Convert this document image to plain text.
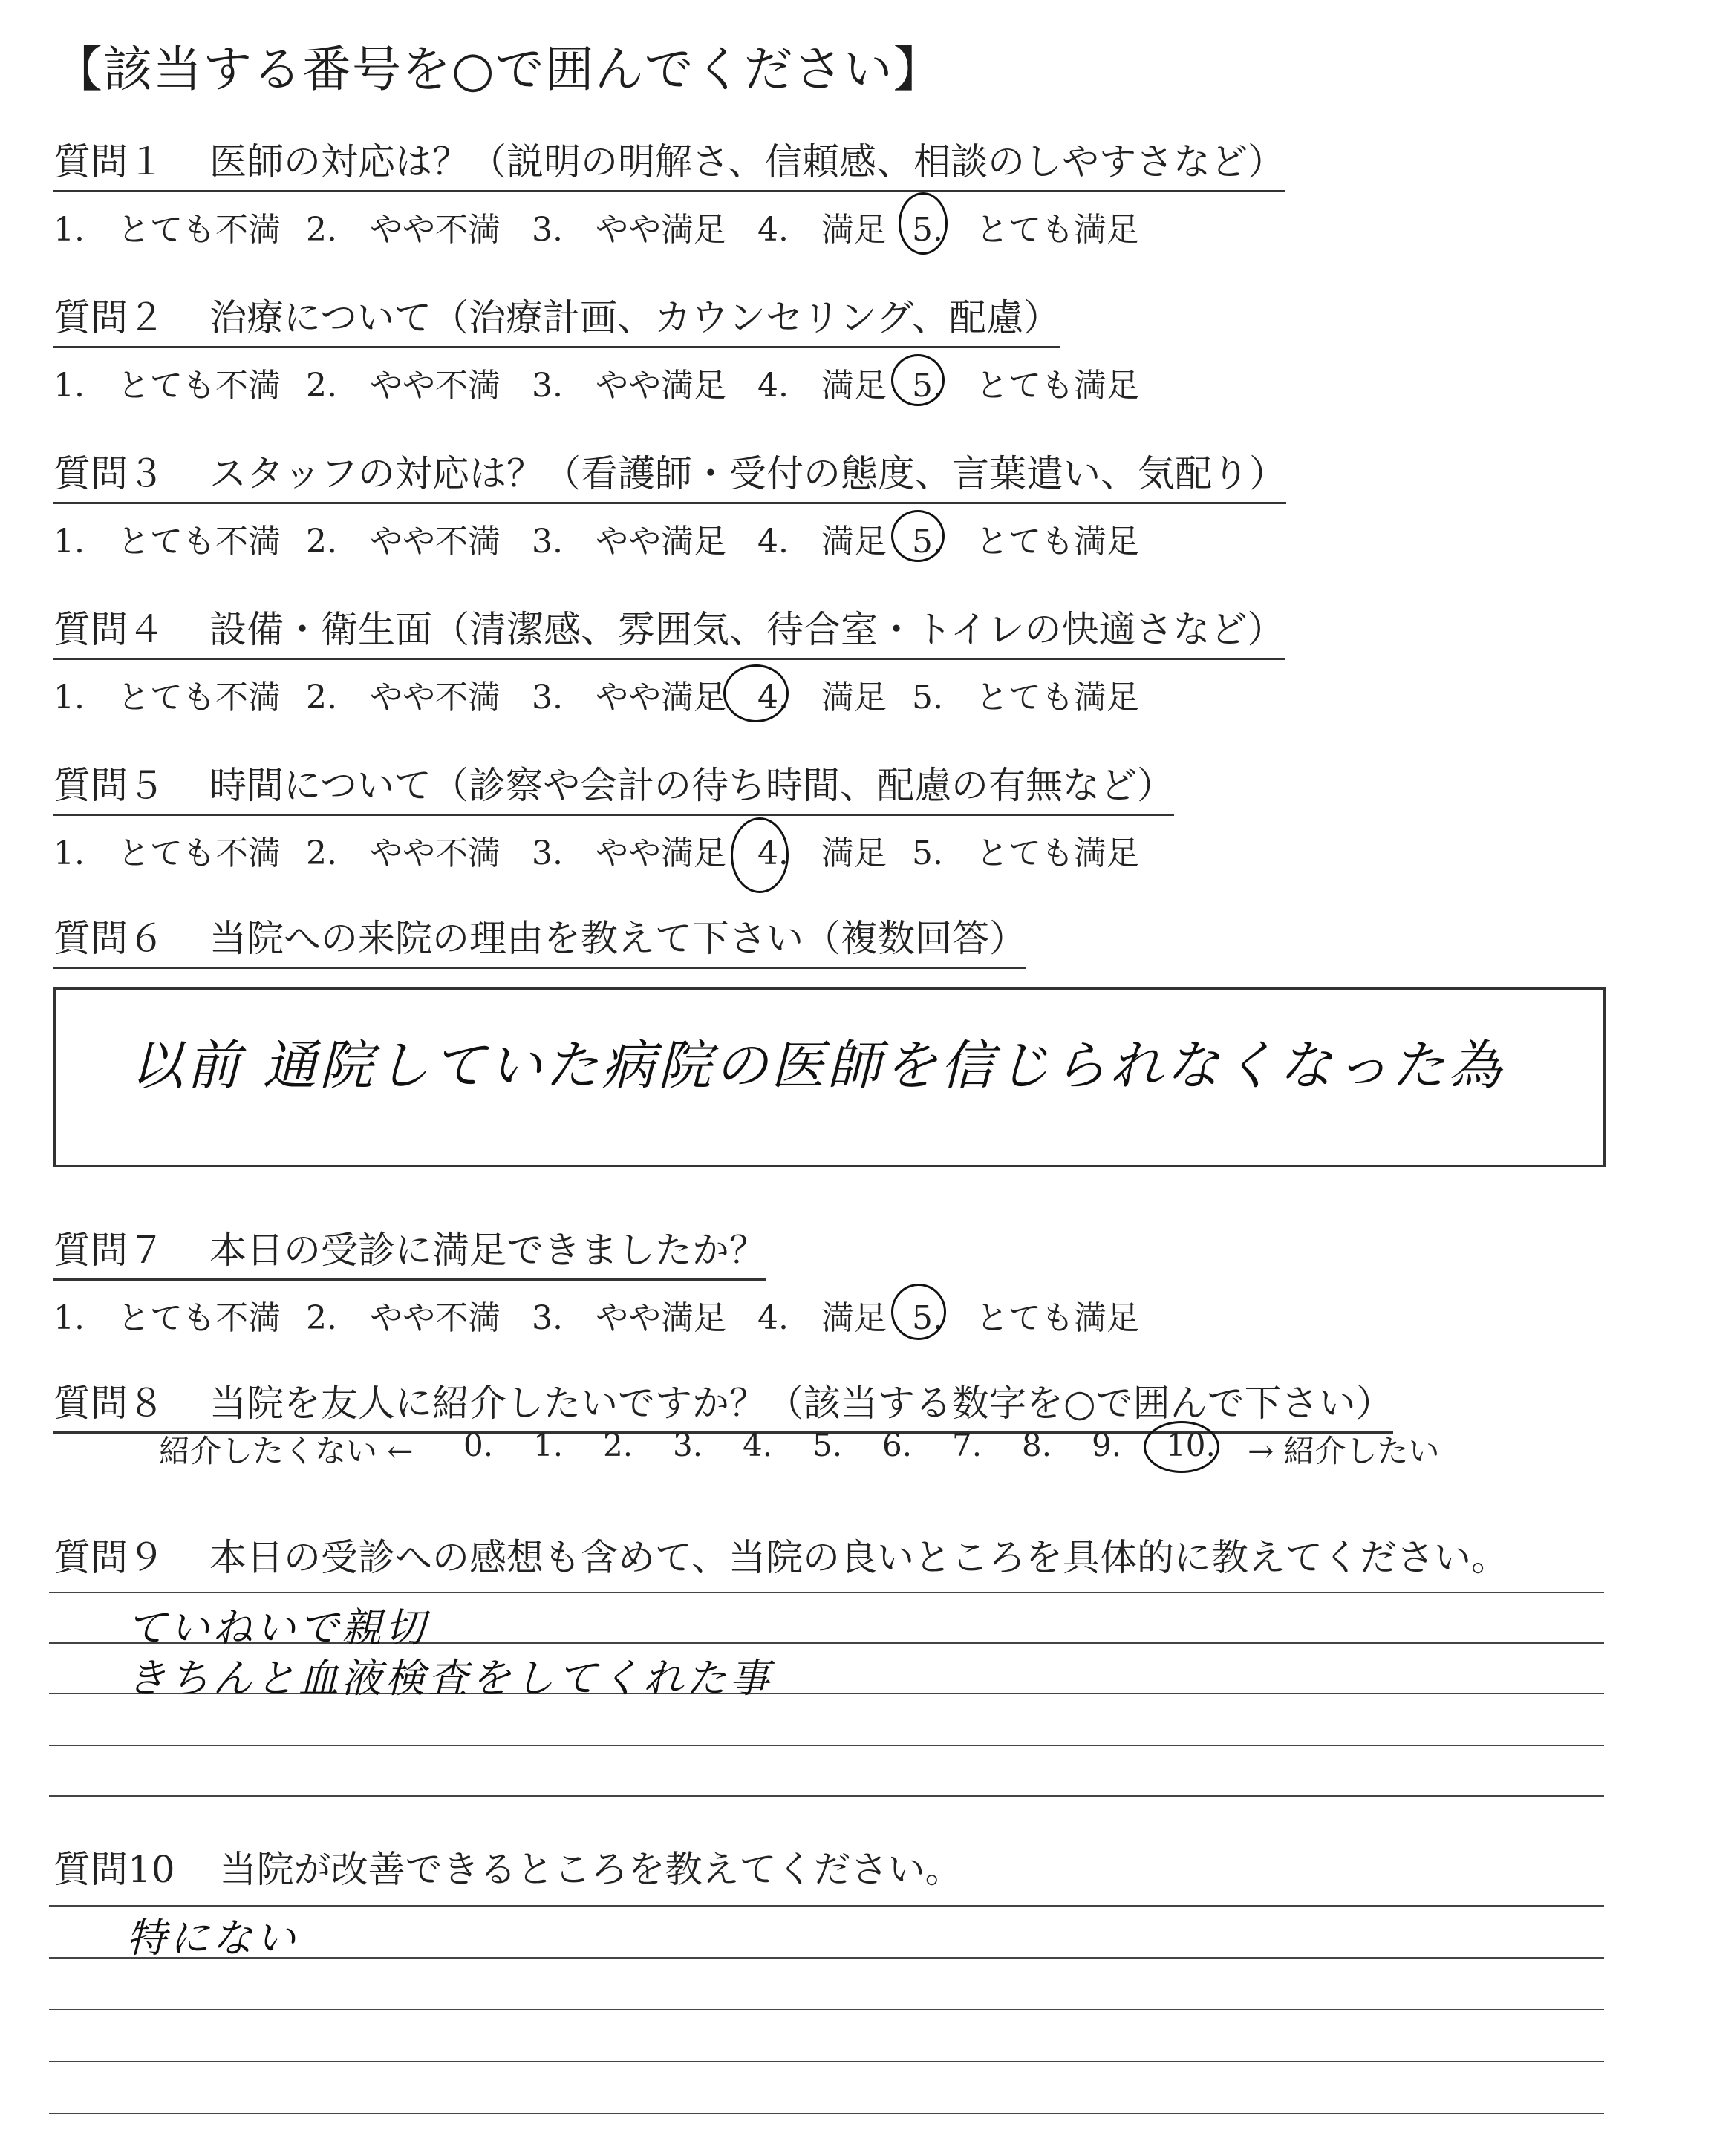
【該当する番号を○で囲んでください】
質問１ 医師の対応は？（説明の明解さ、信頼感、相談のしやすさなど）
1.　とても不満 2.　やや不満 3.　やや満足 4.　満足 5.　とても満足
質問２ 治療について（治療計画、カウンセリング、配慮）
1.　とても不満 2.　やや不満 3.　やや満足 4.　満足 5.　とても満足
質問３ スタッフの対応は？（看護師・受付の態度、言葉遣い、気配り）
1.　とても不満 2.　やや不満 3.　やや満足 4.　満足 5.　とても満足
質問４ 設備・衛生面（清潔感、雰囲気、待合室・トイレの快適さなど）
1.　とても不満 2.　やや不満 3.　やや満足 4.　満足 5.　とても満足
質問５ 時間について（診察や会計の待ち時間、配慮の有無など）
1.　とても不満 2.　やや不満 3.　やや満足 4.　満足 5.　とても満足
質問６ 当院への来院の理由を教えて下さい（複数回答）
以前 通院していた病院の医師を信じられなくなった為
質問７ 本日の受診に満足できましたか？
1.　とても不満 2.　やや不満 3.　やや満足 4.　満足 5.　とても満足
質問８ 当院を友人に紹介したいですか？（該当する数字を○で囲んで下さい）
紹介したくない ← 0. 1. 2. 3. 4. 5. 6. 7. 8. 9. 10. → 紹介したい
質問９ 本日の受診への感想も含めて、当院の良いところを具体的に教えてください。
ていねいで親切
きちんと血液検査をしてくれた事
質問10 当院が改善できるところを教えてください。
特にない
